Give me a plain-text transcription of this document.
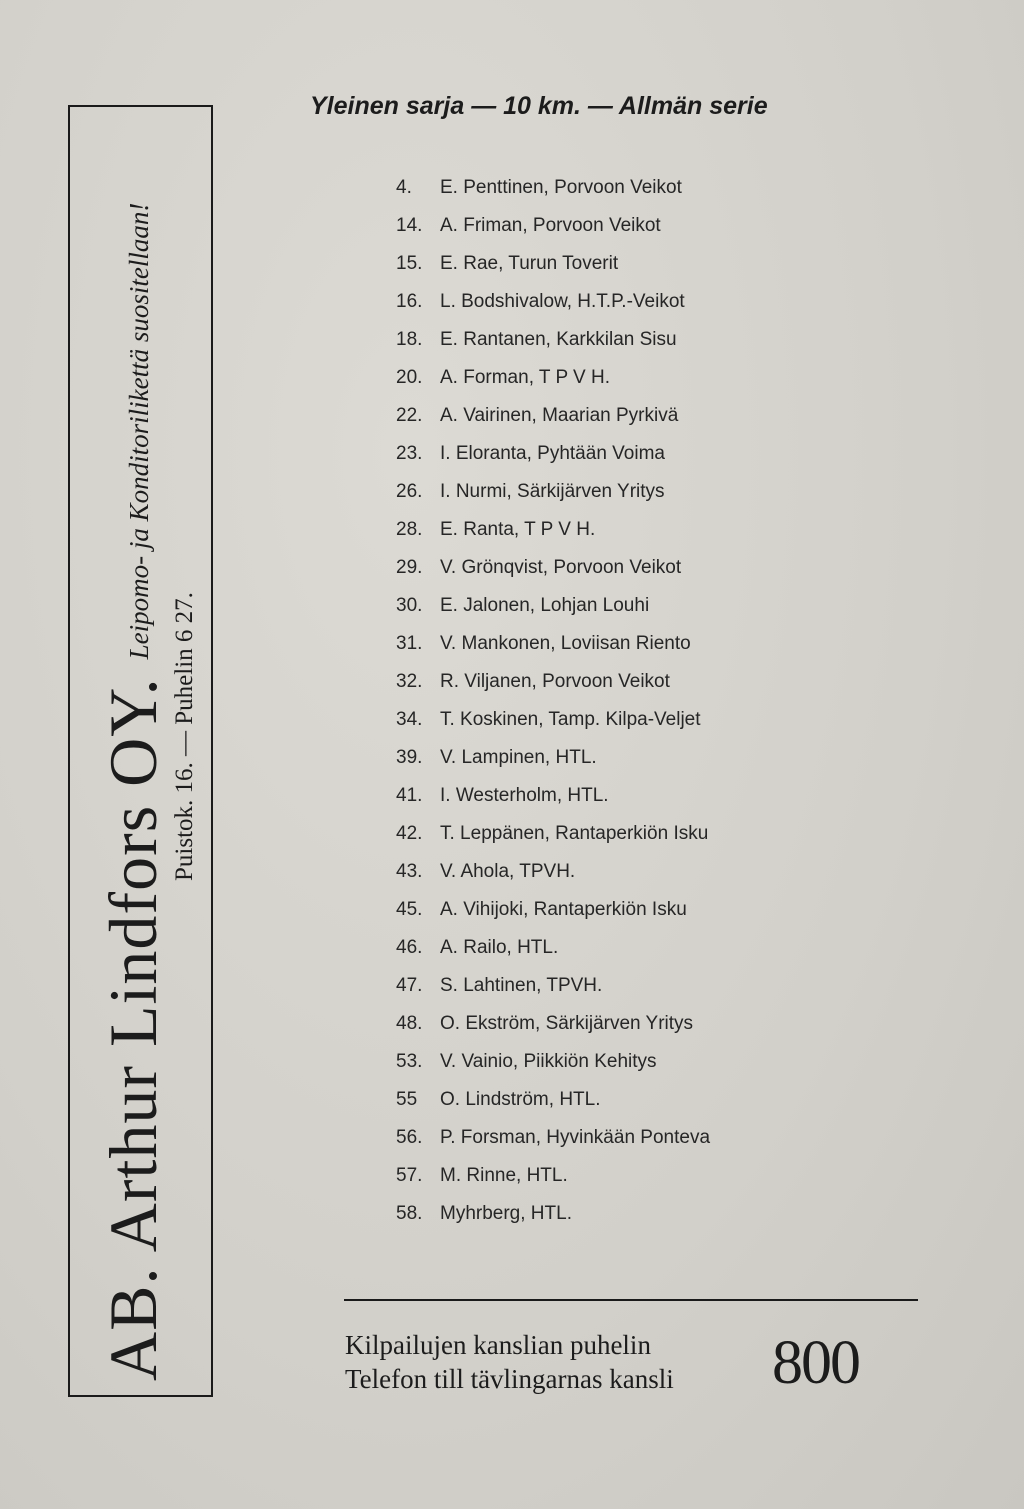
AB. Arthur Lindfors OY.
Leipomo- ja Konditorilikettä suositellaan!
Puistok. 16. — Puhelin 6 27.
Yleinen sarja — 10 km. — Allmän serie
4.	E. Penttinen, Porvoon Veikot
14. A. Friman, Porvoon Veikot
15. E. Rae, Turun Toverit
16. L. Bodshivalow, H.T.P.-Veikot
18. E. Rantanen, Karkkilan Sisu
20. A. Forman, T P V H.
22. A. Vairinen, Maarian Pyrkivä
23. I. Eloranta, Pyhtään Voima
26. I. Nurmi, Särkijärven Yritys
28. E. Ranta, T P V H.
29. V. Grönqvist, Porvoon Veikot
30. E. Jalonen, Lohjan Louhi
31. V. Mankonen, Loviisan Riento
32. R. Viljanen, Porvoon Veikot
34. T. Koskinen, Tamp. Kilpa-Veljet
39. V. Lampinen, HTL.
41. I. Westerholm, HTL.
42. T. Leppänen, Rantaperkiön Isku
43. V. Ahola, TPVH.
45. A. Vihijoki, Rantaperkiön Isku
46. A. Railo, HTL.
47. S. Lahtinen, TPVH.
48. O. Ekström, Särkijärven Yritys
53. V. Vainio, Piikkiön Kehitys
55	O. Lindström, HTL.
56. P. Forsman, Hyvinkään Ponteva
57. M. Rinne, HTL.
58. Myhrberg, HTL.
Kilpailujen kanslian puhelin
Telefon till tävlingarnas kansli 800
